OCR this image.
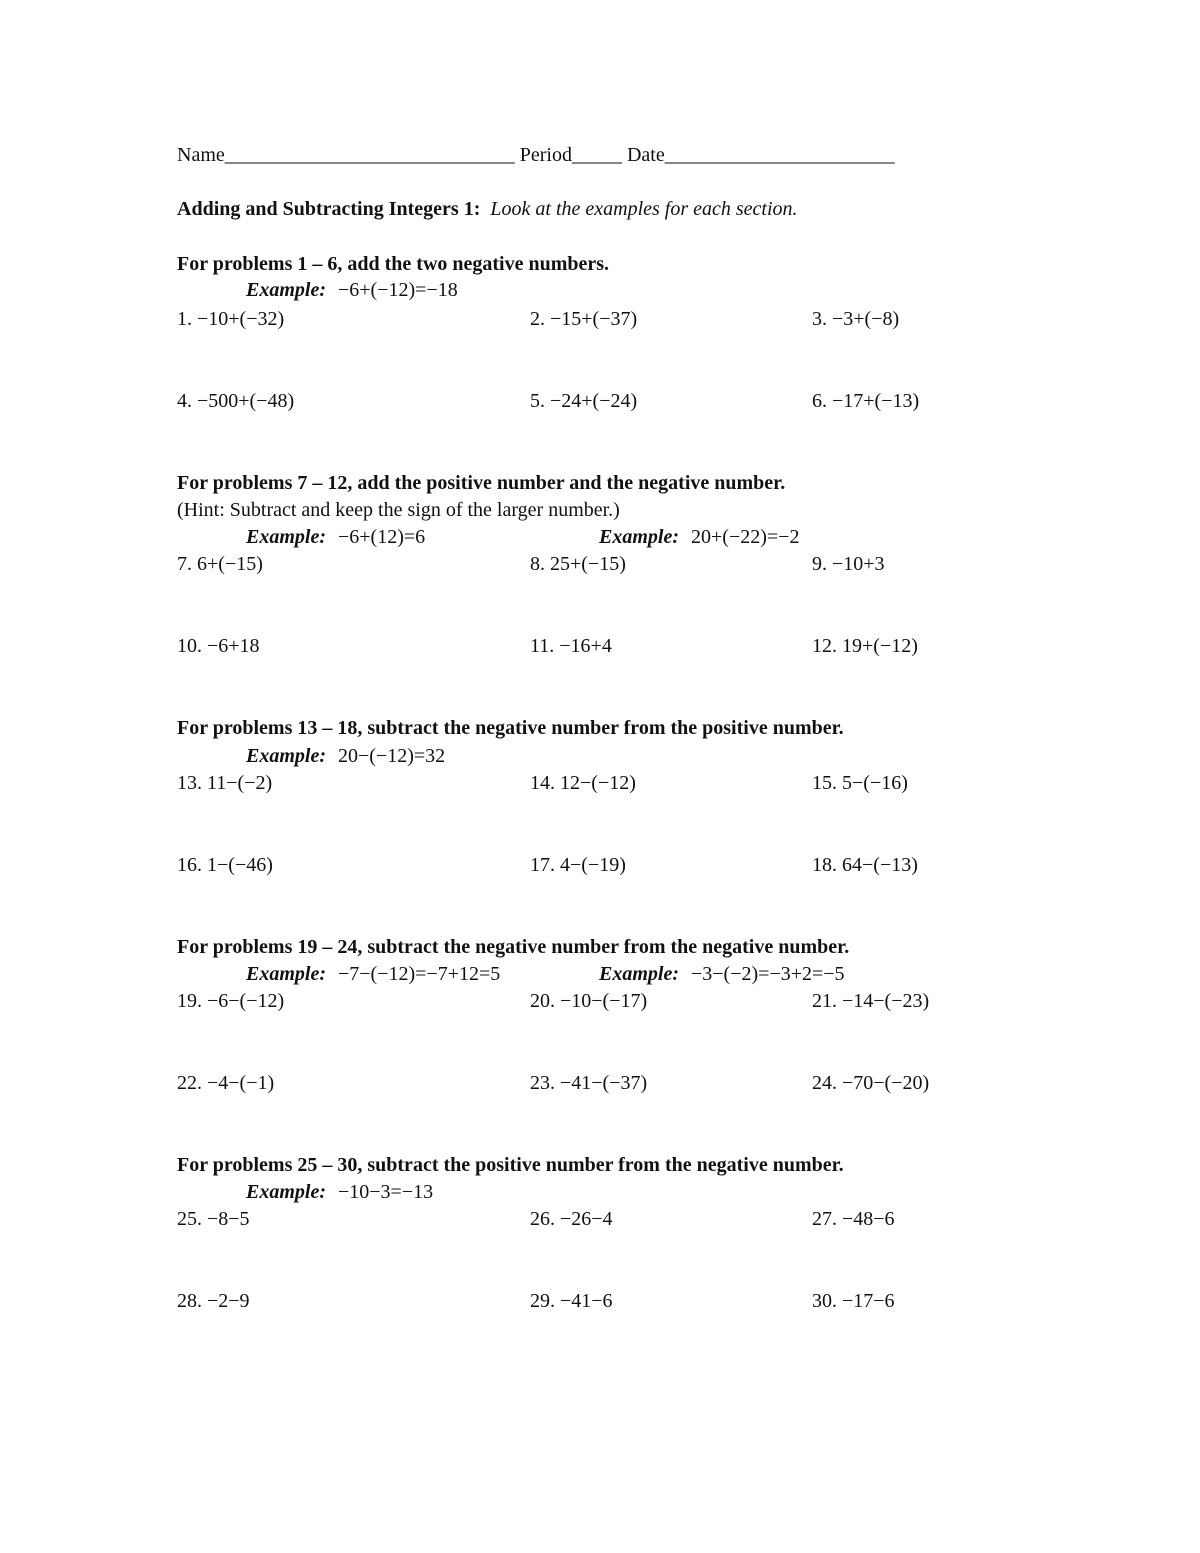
Name_____________________________ Period_____ Date_______________________
Adding and Subtracting Integers 1: Look at the examples for each section.
For problems 1 – 6, add the two negative numbers.
Example: −6+(−12)=−18
1. −10+(−32)	2. −15+(−37)	3. −3+(−8)
4. −500+(−48)	5. −24+(−24)	6. −17+(−13)
For problems 7 – 12, add the positive number and the negative number.
(Hint: Subtract and keep the sign of the larger number.)
Example: −6+(12)=6	Example: 20+(−22)=−2
7. 6+(−15)	8. 25+(−15)	9. −10+3
10. −6+18	11. −16+4	12. 19+(−12)
For problems 13 – 18, subtract the negative number from the positive number.
Example: 20−(−12)=32
13. 11−(−2)	14. 12−(−12)	15. 5−(−16)
16. 1−(−46)	17. 4−(−19)	18. 64−(−13)
For problems 19 – 24, subtract the negative number from the negative number.
Example: −7−(−12)=−7+12=5	Example: −3−(−2)=−3+2=−5
19. −6−(−12)	20. −10−(−17)	21. −14−(−23)
22. −4−(−1)	23. −41−(−37)	24. −70−(−20)
For problems 25 – 30, subtract the positive number from the negative number.
Example: −10−3=−13
25. −8−5	26. −26−4	27. −48−6
28. −2−9	29. −41−6	30. −17−6
